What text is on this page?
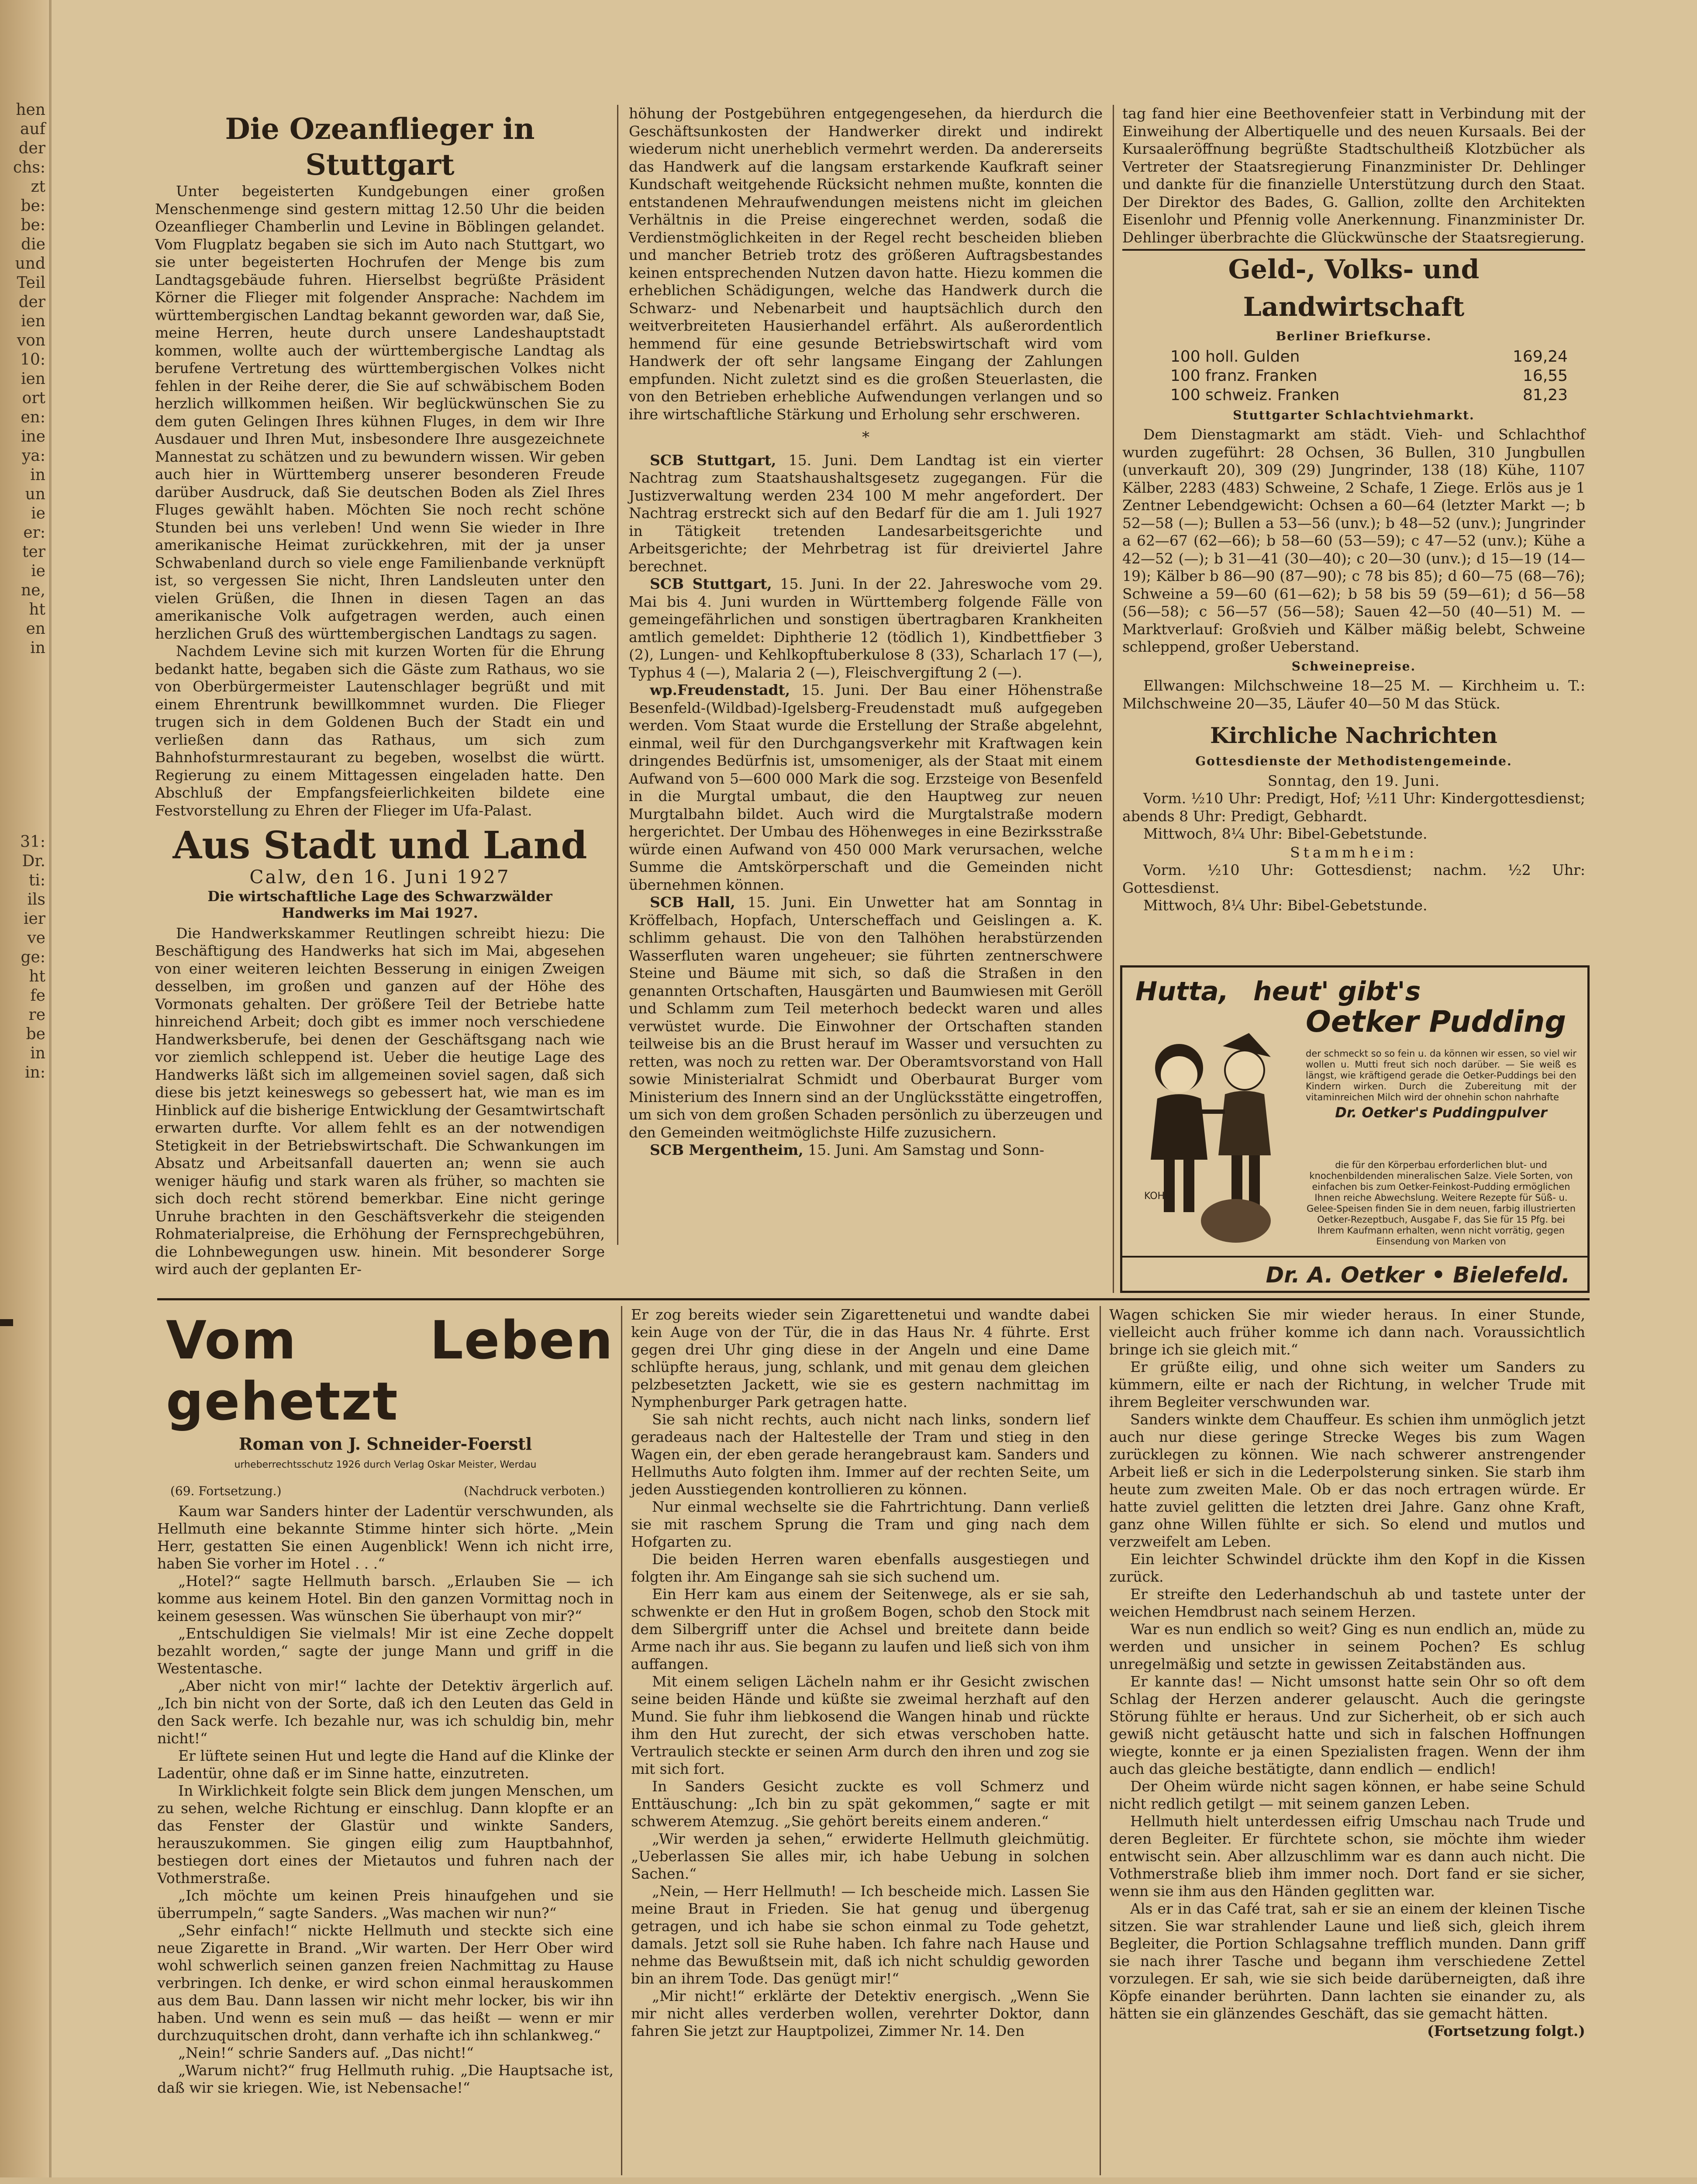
hen
auf
der
chs:
zt
be:
be:
die
und
Teil
der
ien
von
10:
ien
ort
en:
ine
ya:
in
un
ie
er:
ter
ie
ne,
ht
en
in
31:
Dr.
ti:
ils
ier
ve
ge:
ht
fe
re
be
in
in:
Die Ozeanflieger in Stuttgart

Unter begeisterten Kundgebungen einer großen Menschenmenge sind gestern mittag 12.50 Uhr die beiden Ozeanflieger Chamberlin und Levine in Böblingen gelandet. Vom Flugplatz begaben sie sich im Auto nach Stuttgart, wo sie unter begeisterten Hochrufen der Menge bis zum Landtagsgebäude fuhren. Hierselbst begrüßte Präsident Körner die Flieger mit folgender Ansprache: Nachdem im württembergischen Landtag bekannt geworden war, daß Sie, meine Herren, heute durch unsere Landeshauptstadt kommen, wollte auch der württembergische Landtag als berufene Vertretung des württembergischen Volkes nicht fehlen in der Reihe derer, die Sie auf schwäbischem Boden herzlich willkommen heißen. Wir beglückwünschen Sie zu dem guten Gelingen Ihres kühnen Fluges, in dem wir Ihre Ausdauer und Ihren Mut, insbesondere Ihre ausgezeichnete Mannestat zu schätzen und zu bewundern wissen. Wir geben auch hier in Württemberg unserer besonderen Freude darüber Ausdruck, daß Sie deutschen Boden als Ziel Ihres Fluges gewählt haben. Möchten Sie noch recht schöne Stunden bei uns verleben! Und wenn Sie wieder in Ihre amerikanische Heimat zurückkehren, mit der ja unser Schwabenland durch so viele enge Familienbande verknüpft ist, so vergessen Sie nicht, Ihren Landsleuten unter den vielen Grüßen, die Ihnen in diesen Tagen an das amerikanische Volk aufgetragen werden, auch einen herzlichen Gruß des württembergischen Landtags zu sagen.

Nachdem Levine sich mit kurzen Worten für die Ehrung bedankt hatte, begaben sich die Gäste zum Rathaus, wo sie von Oberbürgermeister Lautenschlager begrüßt und mit einem Ehrentrunk bewillkommnet wurden. Die Flieger trugen sich in dem Goldenen Buch der Stadt ein und verließen dann das Rathaus, um sich zum Bahnhofsturmrestaurant zu begeben, woselbst die württ. Regierung zu einem Mittagessen eingeladen hatte. Den Abschluß der Empfangsfeierlichkeiten bildete eine Festvorstellung zu Ehren der Flieger im Ufa-Palast.

Aus Stadt und Land
Calw, den 16. Juni 1927
Die wirtschaftliche Lage des Schwarzwälder Handwerks im Mai 1927.

Die Handwerkskammer Reutlingen schreibt hiezu: Die Beschäftigung des Handwerks hat sich im Mai, abgesehen von einer weiteren leichten Besserung in einigen Zweigen desselben, im großen und ganzen auf der Höhe des Vormonats gehalten. Der größere Teil der Betriebe hatte hinreichend Arbeit; doch gibt es immer noch verschiedene Handwerksberufe, bei denen der Geschäftsgang nach wie vor ziemlich schleppend ist. Ueber die heutige Lage des Handwerks läßt sich im allgemeinen soviel sagen, daß sich diese bis jetzt keineswegs so gebessert hat, wie man es im Hinblick auf die bisherige Entwicklung der Gesamtwirtschaft erwarten durfte. Vor allem fehlt es an der notwendigen Stetigkeit in der Betriebswirtschaft. Die Schwankungen im Absatz und Arbeitsanfall dauerten an; wenn sie auch weniger häufig und stark waren als früher, so machten sie sich doch recht störend bemerkbar. Eine nicht geringe Unruhe brachten in den Geschäftsverkehr die steigenden Rohmaterialpreise, die Erhöhung der Fernsprechgebühren, die Lohnbewegungen usw. hinein. Mit besonderer Sorge wird auch der geplanten Er-

höhung der Postgebühren entgegengesehen, da hierdurch die Geschäftsunkosten der Handwerker direkt und indirekt wiederum nicht unerheblich vermehrt werden. Da andererseits das Handwerk auf die langsam erstarkende Kaufkraft seiner Kundschaft weitgehende Rücksicht nehmen mußte, konnten die entstandenen Mehraufwendungen meistens nicht im gleichen Verhältnis in die Preise eingerechnet werden, sodaß die Verdienstmöglichkeiten in der Regel recht bescheiden blieben und mancher Betrieb trotz des größeren Auftragsbestandes keinen entsprechenden Nutzen davon hatte. Hiezu kommen die erheblichen Schädigungen, welche das Handwerk durch die Schwarz- und Nebenarbeit und hauptsächlich durch den weitverbreiteten Hausierhandel erfährt. Als außerordentlich hemmend für eine gesunde Betriebswirtschaft wird vom Handwerk der oft sehr langsame Eingang der Zahlungen empfunden. Nicht zuletzt sind es die großen Steuerlasten, die von den Betrieben erhebliche Aufwendungen verlangen und so ihre wirtschaftliche Stärkung und Erholung sehr erschweren.

*

SCB Stuttgart, 15. Juni. Dem Landtag ist ein vierter Nachtrag zum Staatshaushaltsgesetz zugegangen. Für die Justizverwaltung werden 234 100 M mehr angefordert. Der Nachtrag erstreckt sich auf den Bedarf für die am 1. Juli 1927 in Tätigkeit tretenden Landesarbeitsgerichte und Arbeitsgerichte; der Mehrbetrag ist für dreiviertel Jahre berechnet.

SCB Stuttgart, 15. Juni. In der 22. Jahreswoche vom 29. Mai bis 4. Juni wurden in Württemberg folgende Fälle von gemeingefährlichen und sonstigen übertragbaren Krankheiten amtlich gemeldet: Diphtherie 12 (tödlich 1), Kindbettfieber 3 (2), Lungen- und Kehlkopftuberkulose 8 (33), Scharlach 17 (—), Typhus 4 (—), Malaria 2 (—), Fleischvergiftung 2 (—).

wp.Freudenstadt, 15. Juni. Der Bau einer Höhenstraße Besenfeld-(Wildbad)-Igelsberg-Freudenstadt muß aufgegeben werden. Vom Staat wurde die Erstellung der Straße abgelehnt, einmal, weil für den Durchgangsverkehr mit Kraftwagen kein dringendes Bedürfnis ist, umsomeniger, als der Staat mit einem Aufwand von 5—600 000 Mark die sog. Erzsteige von Besenfeld in die Murgtal umbaut, die den Hauptweg zur neuen Murgtalbahn bildet. Auch wird die Murgtalstraße modern hergerichtet. Der Umbau des Höhenweges in eine Bezirksstraße würde einen Aufwand von 450 000 Mark verursachen, welche Summe die Amtskörperschaft und die Gemeinden nicht übernehmen können.

SCB Hall, 15. Juni. Ein Unwetter hat am Sonntag in Kröffelbach, Hopfach, Unterscheffach und Geislingen a. K. schlimm gehaust. Die von den Talhöhen herabstürzenden Wasserfluten waren ungeheuer; sie führten zentnerschwere Steine und Bäume mit sich, so daß die Straßen in den genannten Ortschaften, Hausgärten und Baumwiesen mit Geröll und Schlamm zum Teil meterhoch bedeckt waren und alles verwüstet wurde. Die Einwohner der Ortschaften standen teilweise bis an die Brust herauf im Wasser und versuchten zu retten, was noch zu retten war. Der Oberamtsvorstand von Hall sowie Ministerialrat Schmidt und Oberbaurat Burger vom Ministerium des Innern sind an der Unglücksstätte eingetroffen, um sich von dem großen Schaden persönlich zu überzeugen und den Gemeinden weitmöglichste Hilfe zuzusichern.

SCB Mergentheim, 15. Juni. Am Samstag und Sonn-

tag fand hier eine Beethovenfeier statt in Verbindung mit der Einweihung der Albertiquelle und des neuen Kursaals. Bei der Kursaaleröffnung begrüßte Stadtschultheiß Klotzbücher als Vertreter der Staatsregierung Finanzminister Dr. Dehlinger und dankte für die finanzielle Unterstützung durch den Staat. Der Direktor des Bades, G. Gallion, zollte den Architekten Eisenlohr und Pfennig volle Anerkennung. Finanzminister Dr. Dehlinger überbrachte die Glückwünsche der Staatsregierung.

Geld-, Volks- und Landwirtschaft
Berliner Briefkurse.
100 holl. Gulden	169,24
100 franz. Franken	16,55
100 schweiz. Franken	81,23
Stuttgarter Schlachtviehmarkt.

Dem Dienstagmarkt am städt. Vieh- und Schlachthof wurden zugeführt: 28 Ochsen, 36 Bullen, 310 Jungbullen (unverkauft 20), 309 (29) Jungrinder, 138 (18) Kühe, 1107 Kälber, 2283 (483) Schweine, 2 Schafe, 1 Ziege. Erlös aus je 1 Zentner Lebendgewicht: Ochsen a 60—64 (letzter Markt —; b 52—58 (—); Bullen a 53—56 (unv.); b 48—52 (unv.); Jungrinder a 62—67 (62—66); b 58—60 (53—59); c 47—52 (unv.); Kühe a 42—52 (—); b 31—41 (30—40); c 20—30 (unv.); d 15—19 (14—19); Kälber b 86—90 (87—90); c 78 bis 85); d 60—75 (68—76); Schweine a 59—60 (61—62); b 58 bis 59 (59—61); d 56—58 (56—58); c 56—57 (56—58); Sauen 42—50 (40—51) M. — Marktverlauf: Großvieh und Kälber mäßig belebt, Schweine schleppend, großer Ueberstand.

Schweinepreise.

Ellwangen: Milchschweine 18—25 M. — Kirchheim u. T.: Milchschweine 20—35, Läufer 40—50 M das Stück.

Kirchliche Nachrichten
Gottesdienste der Methodistengemeinde.
Sonntag, den 19. Juni.

Vorm. ½10 Uhr: Predigt, Hof; ½11 Uhr: Kindergottesdienst; abends 8 Uhr: Predigt, Gebhardt.

Mittwoch, 8¼ Uhr: Bibel-Gebetstunde.

Stammheim:

Vorm. ½10 Uhr: Gottesdienst; nachm. ½2 Uhr: Gottesdienst.

Mittwoch, 8¼ Uhr: Bibel-Gebetstunde.

Hutta, heut' gibt's
Oetker Pudding
KOHL
der schmeckt so so fein u. da können wir essen, so viel wir wollen u. Mutti freut sich noch darüber. — Sie weiß es längst, wie kräftigend gerade die Oetker-Puddings bei den Kindern wirken. Durch die Zubereitung mit der vitaminreichen Milch wird der ohnehin schon nahrhafte
Dr. Oetker's Puddingpulver
die für den Körperbau erforderlichen blut- und knochenbildenden mineralischen Salze. Viele Sorten, von einfachen bis zum Oetker-Feinkost-Pudding ermöglichen Ihnen reiche Abwechslung. Weitere Rezepte für Süß- u. Gelee-Speisen finden Sie in dem neuen, farbig illustrierten Oetker-Rezeptbuch, Ausgabe F, das Sie für 15 Pfg. bei Ihrem Kaufmann erhalten, wenn nicht vorrätig, gegen Einsendung von Marken von
Dr. A. Oetker • Bielefeld.
Vom Leben gehetzt
Roman von J. Schneider-Foerstl
urheberrechtsschutz 1926 durch Verlag Oskar Meister, Werdau
(69. Fortsetzung.)	(Nachdruck verboten.)

Kaum war Sanders hinter der Ladentür verschwunden, als Hellmuth eine bekannte Stimme hinter sich hörte. „Mein Herr, gestatten Sie einen Augenblick! Wenn ich nicht irre, haben Sie vorher im Hotel . . .“

„Hotel?“ sagte Hellmuth barsch. „Erlauben Sie — ich komme aus keinem Hotel. Bin den ganzen Vormittag noch in keinem gesessen. Was wünschen Sie überhaupt von mir?“

„Entschuldigen Sie vielmals! Mir ist eine Zeche doppelt bezahlt worden,“ sagte der junge Mann und griff in die Westentasche.

„Aber nicht von mir!“ lachte der Detektiv ärgerlich auf. „Ich bin nicht von der Sorte, daß ich den Leuten das Geld in den Sack werfe. Ich bezahle nur, was ich schuldig bin, mehr nicht!“

Er lüftete seinen Hut und legte die Hand auf die Klinke der Ladentür, ohne daß er im Sinne hatte, einzutreten.

In Wirklichkeit folgte sein Blick dem jungen Menschen, um zu sehen, welche Richtung er einschlug. Dann klopfte er an das Fenster der Glastür und winkte Sanders, herauszukommen. Sie gingen eilig zum Hauptbahnhof, bestiegen dort eines der Mietautos und fuhren nach der Vothmerstraße.

„Ich möchte um keinen Preis hinaufgehen und sie überrumpeln,“ sagte Sanders. „Was machen wir nun?“

„Sehr einfach!“ nickte Hellmuth und steckte sich eine neue Zigarette in Brand. „Wir warten. Der Herr Ober wird wohl schwerlich seinen ganzen freien Nachmittag zu Hause verbringen. Ich denke, er wird schon einmal herauskommen aus dem Bau. Dann lassen wir nicht mehr locker, bis wir ihn haben. Und wenn es sein muß — das heißt — wenn er mir durchzuquitschen droht, dann verhafte ich ihn schlankweg.“

„Nein!“ schrie Sanders auf. „Das nicht!“

„Warum nicht?“ frug Hellmuth ruhig. „Die Hauptsache ist, daß wir sie kriegen. Wie, ist Nebensache!“

Er zog bereits wieder sein Zigarettenetui und wandte dabei kein Auge von der Tür, die in das Haus Nr. 4 führte. Erst gegen drei Uhr ging diese in der Angeln und eine Dame schlüpfte heraus, jung, schlank, und mit genau dem gleichen pelzbesetzten Jackett, wie sie es gestern nachmittag im Nymphenburger Park getragen hatte.

Sie sah nicht rechts, auch nicht nach links, sondern lief geradeaus nach der Haltestelle der Tram und stieg in den Wagen ein, der eben gerade herangebraust kam. Sanders und Hellmuths Auto folgten ihm. Immer auf der rechten Seite, um jeden Ausstiegenden kontrollieren zu können.

Nur einmal wechselte sie die Fahrtrichtung. Dann verließ sie mit raschem Sprung die Tram und ging nach dem Hofgarten zu.

Die beiden Herren waren ebenfalls ausgestiegen und folgten ihr. Am Eingange sah sie sich suchend um.

Ein Herr kam aus einem der Seitenwege, als er sie sah, schwenkte er den Hut in großem Bogen, schob den Stock mit dem Silbergriff unter die Achsel und breitete dann beide Arme nach ihr aus. Sie begann zu laufen und ließ sich von ihm auffangen.

Mit einem seligen Lächeln nahm er ihr Gesicht zwischen seine beiden Hände und küßte sie zweimal herzhaft auf den Mund. Sie fuhr ihm liebkosend die Wangen hinab und rückte ihm den Hut zurecht, der sich etwas verschoben hatte. Vertraulich steckte er seinen Arm durch den ihren und zog sie mit sich fort.

In Sanders Gesicht zuckte es voll Schmerz und Enttäuschung: „Ich bin zu spät gekommen,“ sagte er mit schwerem Atemzug. „Sie gehört bereits einem anderen.“

„Wir werden ja sehen,“ erwiderte Hellmuth gleichmütig. „Ueberlassen Sie alles mir, ich habe Uebung in solchen Sachen.“

„Nein, — Herr Hellmuth! — Ich bescheide mich. Lassen Sie meine Braut in Frieden. Sie hat genug und übergenug getragen, und ich habe sie schon einmal zu Tode gehetzt, damals. Jetzt soll sie Ruhe haben. Ich fahre nach Hause und nehme das Bewußtsein mit, daß ich nicht schuldig geworden bin an ihrem Tode. Das genügt mir!“

„Mir nicht!“ erklärte der Detektiv energisch. „Wenn Sie mir nicht alles verderben wollen, verehrter Doktor, dann fahren Sie jetzt zur Hauptpolizei, Zimmer Nr. 14. Den

Wagen schicken Sie mir wieder heraus. In einer Stunde, vielleicht auch früher komme ich dann nach. Voraussichtlich bringe ich sie gleich mit.“

Er grüßte eilig, und ohne sich weiter um Sanders zu kümmern, eilte er nach der Richtung, in welcher Trude mit ihrem Begleiter verschwunden war.

Sanders winkte dem Chauffeur. Es schien ihm unmöglich jetzt auch nur diese geringe Strecke Weges bis zum Wagen zurücklegen zu können. Wie nach schwerer anstrengender Arbeit ließ er sich in die Lederpolsterung sinken. Sie starb ihm heute zum zweiten Male. Ob er das noch ertragen würde. Er hatte zuviel gelitten die letzten drei Jahre. Ganz ohne Kraft, ganz ohne Willen fühlte er sich. So elend und mutlos und verzweifelt am Leben.

Ein leichter Schwindel drückte ihm den Kopf in die Kissen zurück.

Er streifte den Lederhandschuh ab und tastete unter der weichen Hemdbrust nach seinem Herzen.

War es nun endlich so weit? Ging es nun endlich an, müde zu werden und unsicher in seinem Pochen? Es schlug unregelmäßig und setzte in gewissen Zeitabständen aus.

Er kannte das! — Nicht umsonst hatte sein Ohr so oft dem Schlag der Herzen anderer gelauscht. Auch die geringste Störung fühlte er heraus. Und zur Sicherheit, ob er sich auch gewiß nicht getäuscht hatte und sich in falschen Hoffnungen wiegte, konnte er ja einen Spezialisten fragen. Wenn der ihm auch das gleiche bestätigte, dann endlich — endlich!

Der Oheim würde nicht sagen können, er habe seine Schuld nicht redlich getilgt — mit seinem ganzen Leben.

Hellmuth hielt unterdessen eifrig Umschau nach Trude und deren Begleiter. Er fürchtete schon, sie möchte ihm wieder entwischt sein. Aber allzuschlimm war es dann auch nicht. Die Vothmerstraße blieb ihm immer noch. Dort fand er sie sicher, wenn sie ihm aus den Händen geglitten war.

Als er in das Café trat, sah er sie an einem der kleinen Tische sitzen. Sie war strahlender Laune und ließ sich, gleich ihrem Begleiter, die Portion Schlagsahne trefflich munden. Dann griff sie nach ihrer Tasche und begann ihm verschiedene Zettel vorzulegen. Er sah, wie sie sich beide darüberneigten, daß ihre Köpfe einander berührten. Dann lachten sie einander zu, als hätten sie ein glänzendes Geschäft, das sie gemacht hätten.

(Fortsetzung folgt.)
